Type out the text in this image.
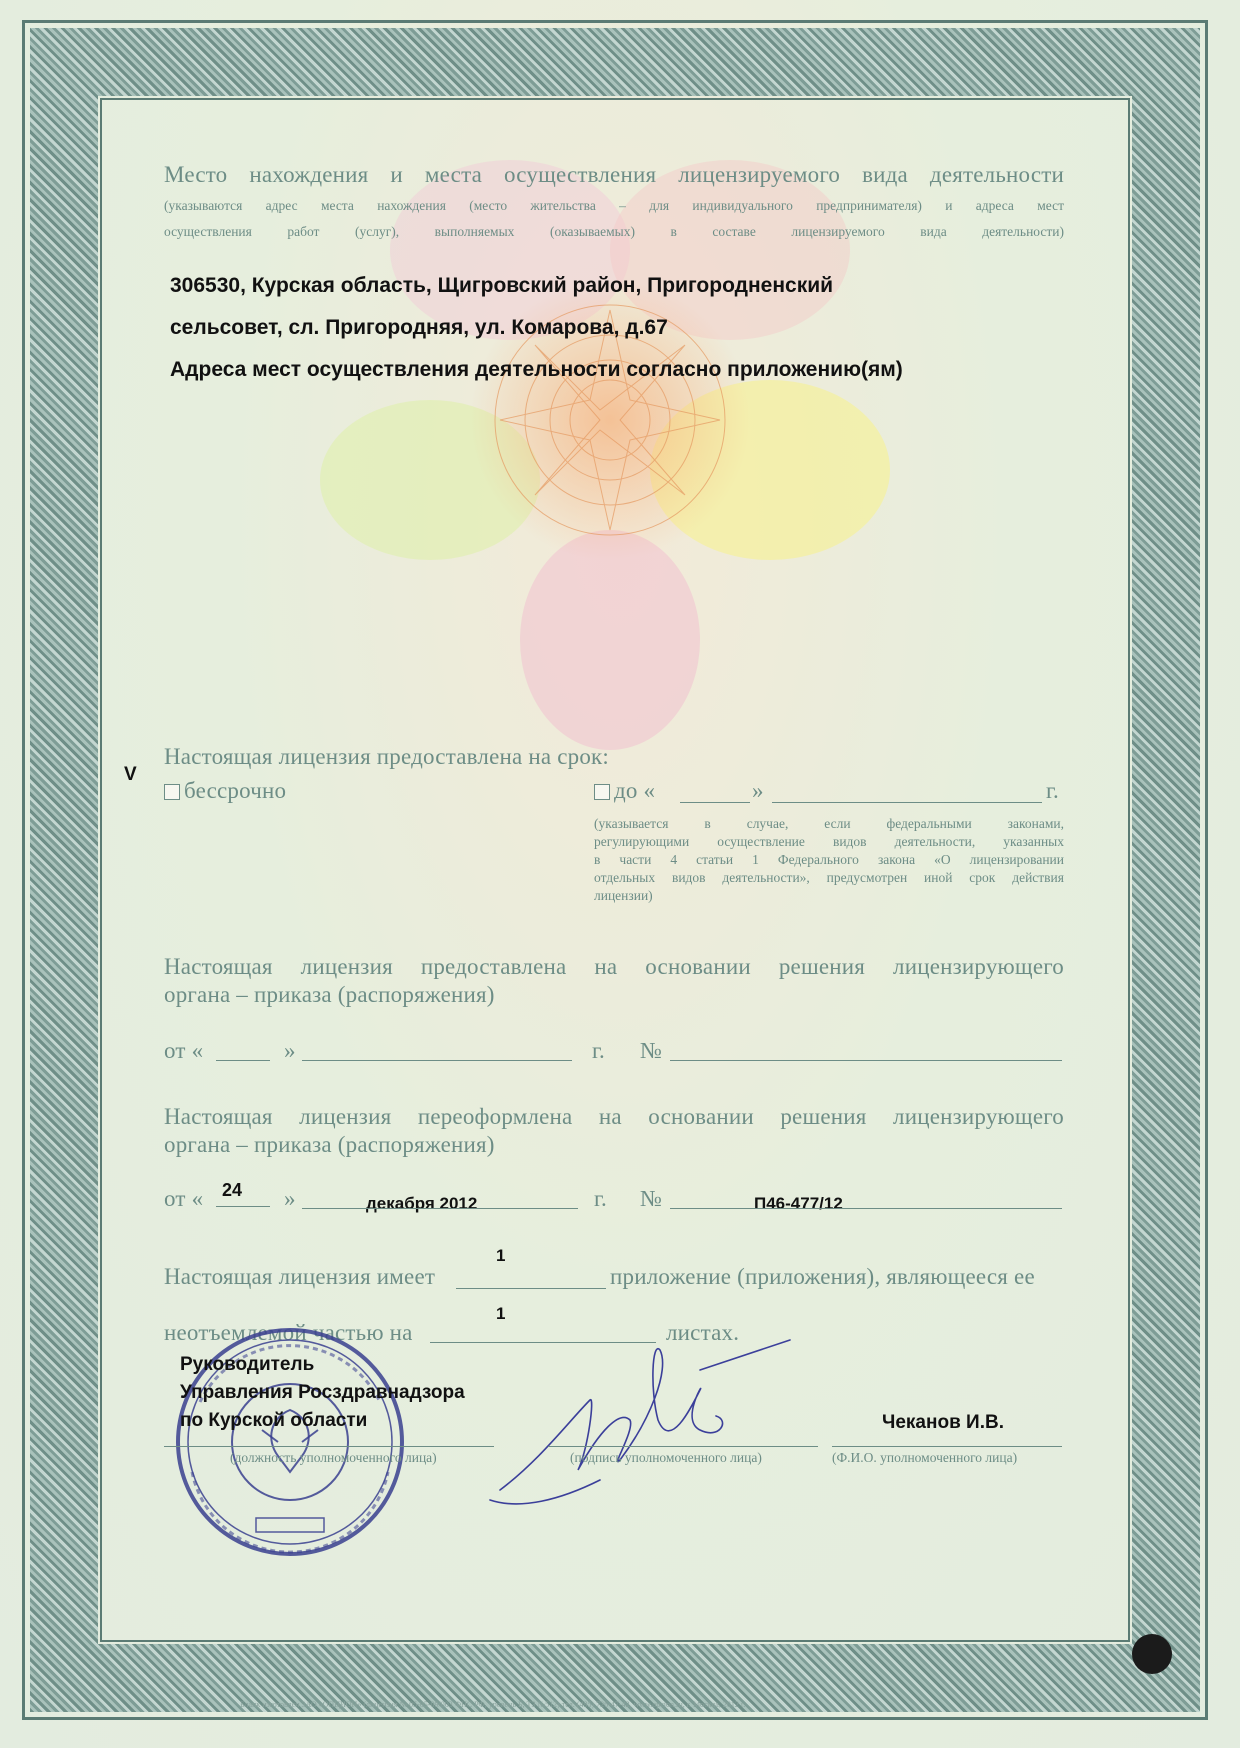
Место нахождения и места осуществления лицензируемого вида деятельности
(указываются адрес места нахождения (место жительства – для индивидуального предпринимателя) и адреса мест
осуществления работ (услуг), выполняемых (оказываемых) в составе лицензируемого вида деятельности)
306530, Курская область, Щигровский район, Пригородненский
сельсовет, сл. Пригородняя, ул. Комарова, д.67
Адреса мест осуществления деятельности согласно приложению(ям)
V
Настоящая лицензия предоставлена на срок:
бессрочно	до «	»	г.
(указывается в случае, если федеральными законами,
регулирующими осуществление видов деятельности, указанных
в части 4 статьи 1 Федерального закона «О лицензировании
отдельных видов деятельности», предусмотрен иной срок действия
лицензии)
Настоящая лицензия предоставлена на основании решения лицензирующего
органа – приказа (распоряжения)
от «	»	г. №
Настоящая лицензия переоформлена на основании решения лицензирующего
органа – приказа (распоряжения)
от « 24 »	декабря 2012	г. №	П46-477/12
Настоящая лицензия имеет
1
приложение (приложения), являющееся ее
неотъемлемой частью на
1
листах.
Руководитель
Управления Росздравнадзора
по Курской области	Чеканов И.В.
(должность уполномоченного лица)	(подпись уполномоченного лица)	(Ф.И.О. уполномоченного лица)
Бланк изготовлен ЗАО «ОПЦИОН» (лицензия № 05-05-09/003 ФНС РФ, уровень Б, ТЗ №512) тел. (495) 726-47-42, www.opcion.ru, г. Москва, 2012 г.
